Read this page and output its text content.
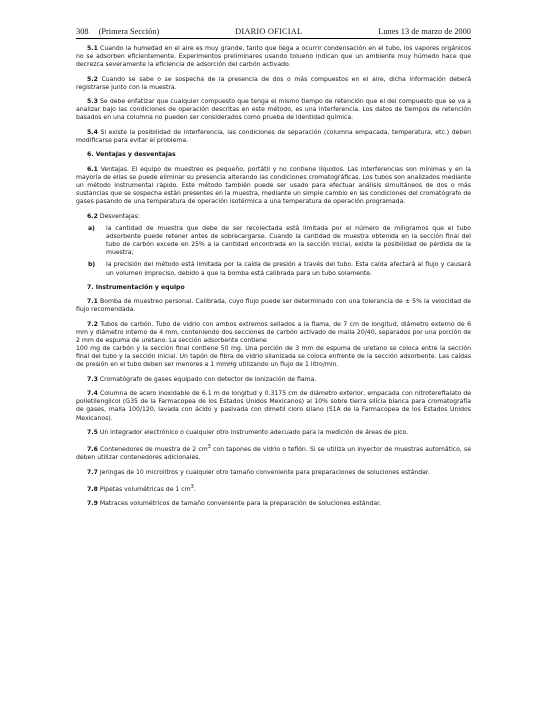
308 (Primera Sección)	DIARIO OFICIAL	Lunes 13 de marzo de 2000

5.1 Cuando la humedad en el aire es muy grande, tanto que llega a ocurrir condensación en el tubo, los vapores orgánicos no se adsorben eficientemente. Experimentos preliminares usando tolueno indican que un ambiente muy húmedo hace que decrezca severamente la eficiencia de adsorción del carbón activado.

5.2 Cuando se sabe o se sospecha de la presencia de dos o más compuestos en el aire, dicha información deberá registrarse junto con la muestra.

5.3 Se debe enfatizar que cualquier compuesto que tenga el mismo tiempo de retención que el del compuesto que se va a analizar bajo las condiciones de operación descritas en este método, es una interferencia. Los datos de tiempos de retención basados en una columna no pueden ser considerados como prueba de identidad química.

5.4 Si existe la posibilidad de interferencia, las condiciones de separación (columna empacada, temperatura, etc.) deben modificarse para evitar el problema.

6. Ventajas y desventajas

6.1 Ventajas. El equipo de muestreo es pequeño, portátil y no contiene líquidos. Las interferencias son mínimas y en la mayoría de ellas se puede eliminar su presencia alterando las condiciones cromatográficas. Los tubos son analizados mediante un método instrumental rápido. Este método también puede ser usado para efectuar análisis simultáneos de dos o más sustancias que se sospecha están presentes en la muestra, mediante un simple cambio en las condiciones del cromatógrafo de gases pasando de una temperatura de operación isotérmica a una temperatura de operación programada.

6.2 Desventajas:

a)	la cantidad de muestra que debe de ser recolectada está limitada por el número de miligramos que el tubo adsorbente puede retener antes de sobrecargarse. Cuando la cantidad de muestra obtenida en la sección final del tubo de carbón excede en 25% a la cantidad encontrada en la sección inicial, existe la posibilidad de pérdida de la muestra;
b)	la precisión del método está limitada por la caída de presión a través del tubo. Esta caída afectará al flujo y causará un volumen impreciso, debido a que la bomba está calibrada para un tubo solamente.

7. Instrumentación y equipo

7.1 Bomba de muestreo personal. Calibrada, cuyo flujo puede ser determinado con una tolerancia de ± 5% la velocidad de flujo recomendada.

7.2 Tubos de carbón. Tubo de vidrio con ambos extremos sellados a la flama, de 7 cm de longitud, diámetro externo de 6 mm y diámetro interno de 4 mm, conteniendo dos secciones de carbón activado de malla 20/40, separados por una porción de 2 mm de espuma de uretano. La sección adsorbente contiene

100 mg de carbón y la sección final contiene 50 mg. Una porción de 3 mm de espuma de uretano se coloca entre la sección final del tubo y la sección inicial. Un tapón de fibra de vidrio silanizada se coloca enfrente de la sección adsorbente. Las caídas de presión en el tubo deben ser menores a 1 mmHg utilizando un flujo de 1 litro/min.

7.3 Cromatógrafo de gases equipado con detector de ionización de flama.

7.4 Columna de acero inoxidable de 6.1 m de longitud y 0.3175 cm de diámetro exterior, empacada con nitrotereftalato de polietilenglicol (G35 de la Farmacopea de los Estados Unidos Mexicanos) al 10% sobre tierra silícia blanca para cromatografía de gases, malla 100/120, lavada con ácido y pasivada con dimetil cloro silano (S1A de la Farmacopea de los Estados Unidos Mexicanos).

7.5 Un integrador electrónico o cualquier otro instrumento adecuado para la medición de áreas de pico.

7.6 Contenedores de muestra de 2 $cm^3$ con tapones de vidrio o teflón. Si se utiliza un inyector de muestras automático, se deben utilizar contenedores adicionales.

7.7 Jeringas de 10 microlitros y cualquier otro tamaño conveniente para preparaciones de soluciones estándar.

7.8 Pipetas volumétricas de 1 $cm^3$.

7.9 Matraces volumétricos de tamaño conveniente para la preparación de soluciones estándar.
